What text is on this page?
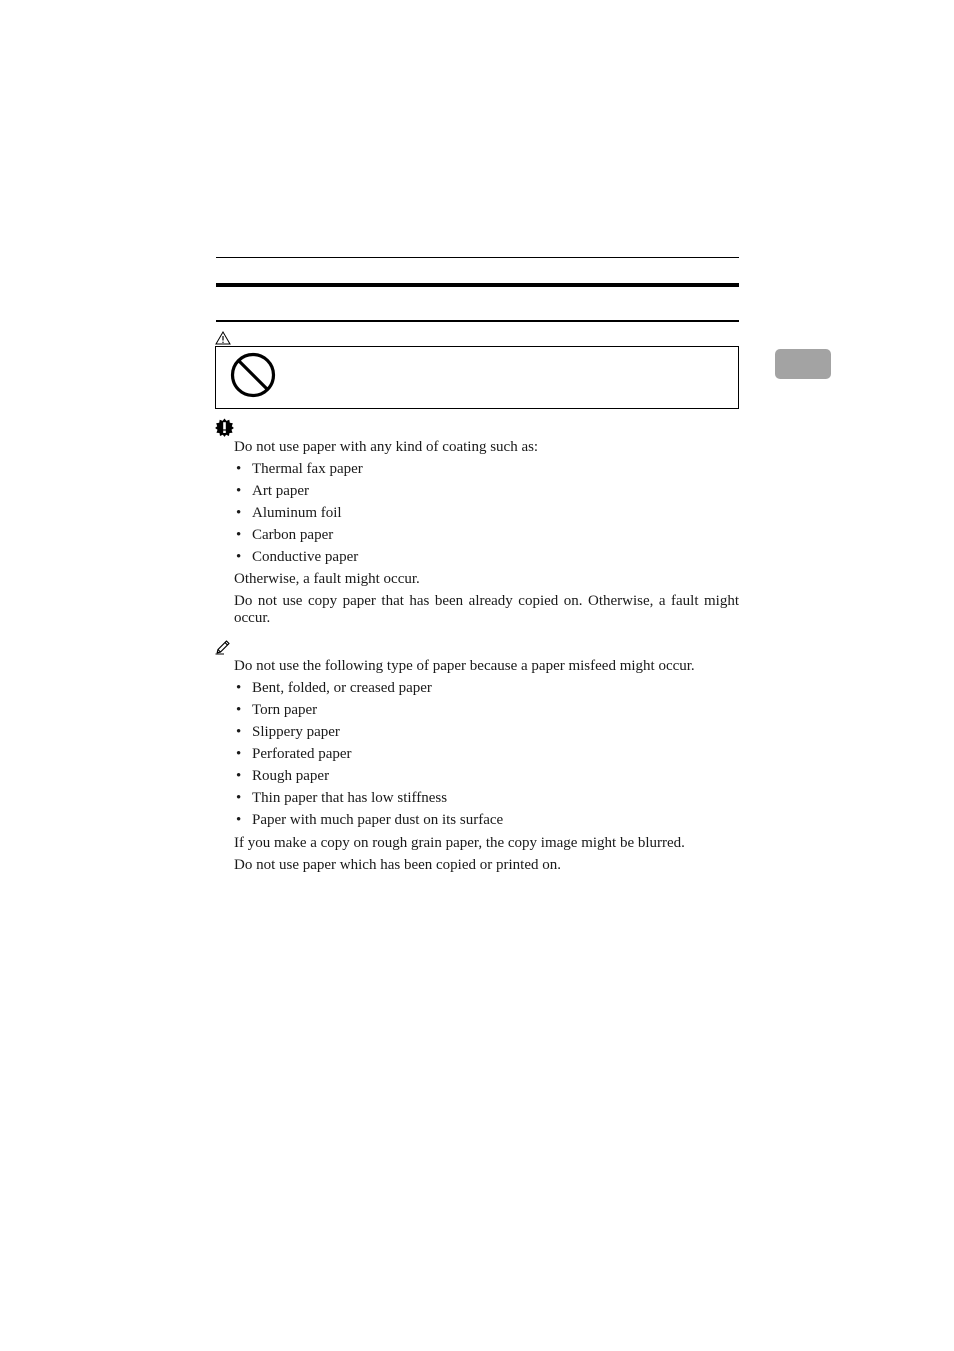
Do not use paper with any kind of coating such as:

• Thermal fax paper
• Art paper
• Aluminum foil
• Carbon paper
• Conductive paper

Otherwise, a fault might occur.

Do not use copy paper that has been already copied on. Otherwise, a fault might occur.

Do not use the following type of paper because a paper misfeed might occur.

• Bent, folded, or creased paper
• Torn paper
• Slippery paper
• Perforated paper
• Rough paper
• Thin paper that has low stiffness
• Paper with much paper dust on its surface

If you make a copy on rough grain paper, the copy image might be blurred.

Do not use paper which has been copied or printed on.
